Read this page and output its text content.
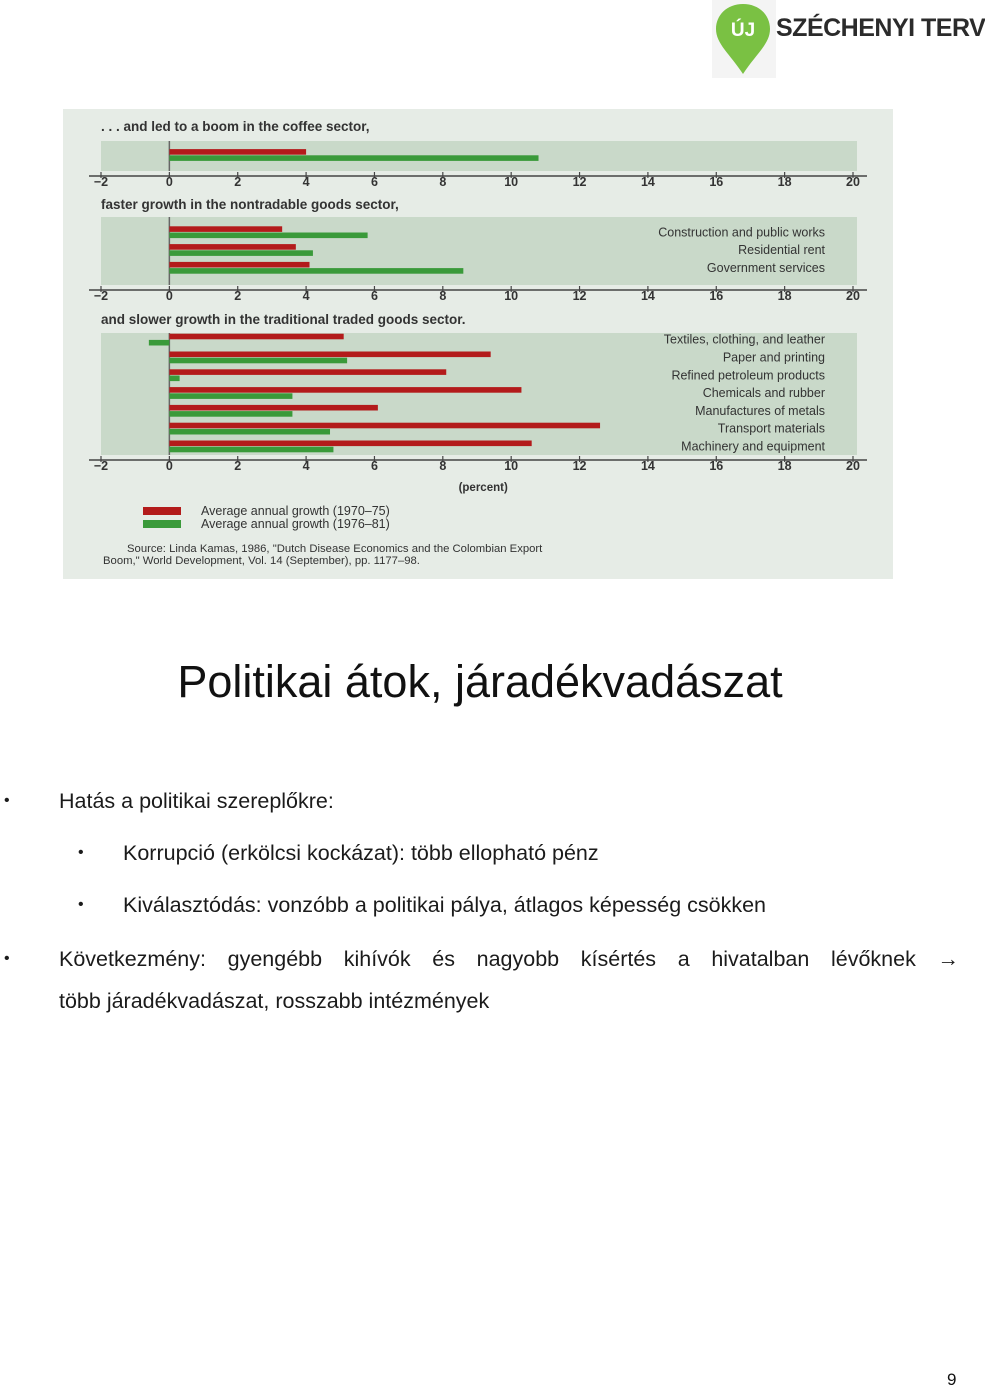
ÚJ SZÉCHENYI TERV
. . . and led to a boom in the coffee sector,
−2	0	2	4	6	8	10	12	14	16	18	20
faster growth in the nontradable goods sector,
Construction and public works
Residential rent
Government services
−2	0	2	4	6	8	10	12	14	16	18	20
and slower growth in the traditional traded goods sector.
Textiles, clothing, and leather
Paper and printing
Refined petroleum products
Chemicals and rubber
Manufactures of metals
Transport materials
Machinery and equipment
−2	0	2	4	6	8	10	12	14	16	18	20
(percent)
Average annual growth (1970–75)
Average annual growth (1976–81)
Source: Linda Kamas, 1986, "Dutch Disease Economics and the Colombian Export
Boom," World Development, Vol. 14 (September), pp. 1177–98.
Politikai átok, járadékvadászat
• Hatás a politikai szereplőkre:
• Korrupció (erkölcsi kockázat): több ellopható pénz
• Kiválasztódás: vonzóbb a politikai pálya, átlagos képesség csökken
• Következmény: gyengébb kihívók és nagyobb kísértés a hivatalban lévőknek →
több járadékvadászat, rosszabb intézmények
9
